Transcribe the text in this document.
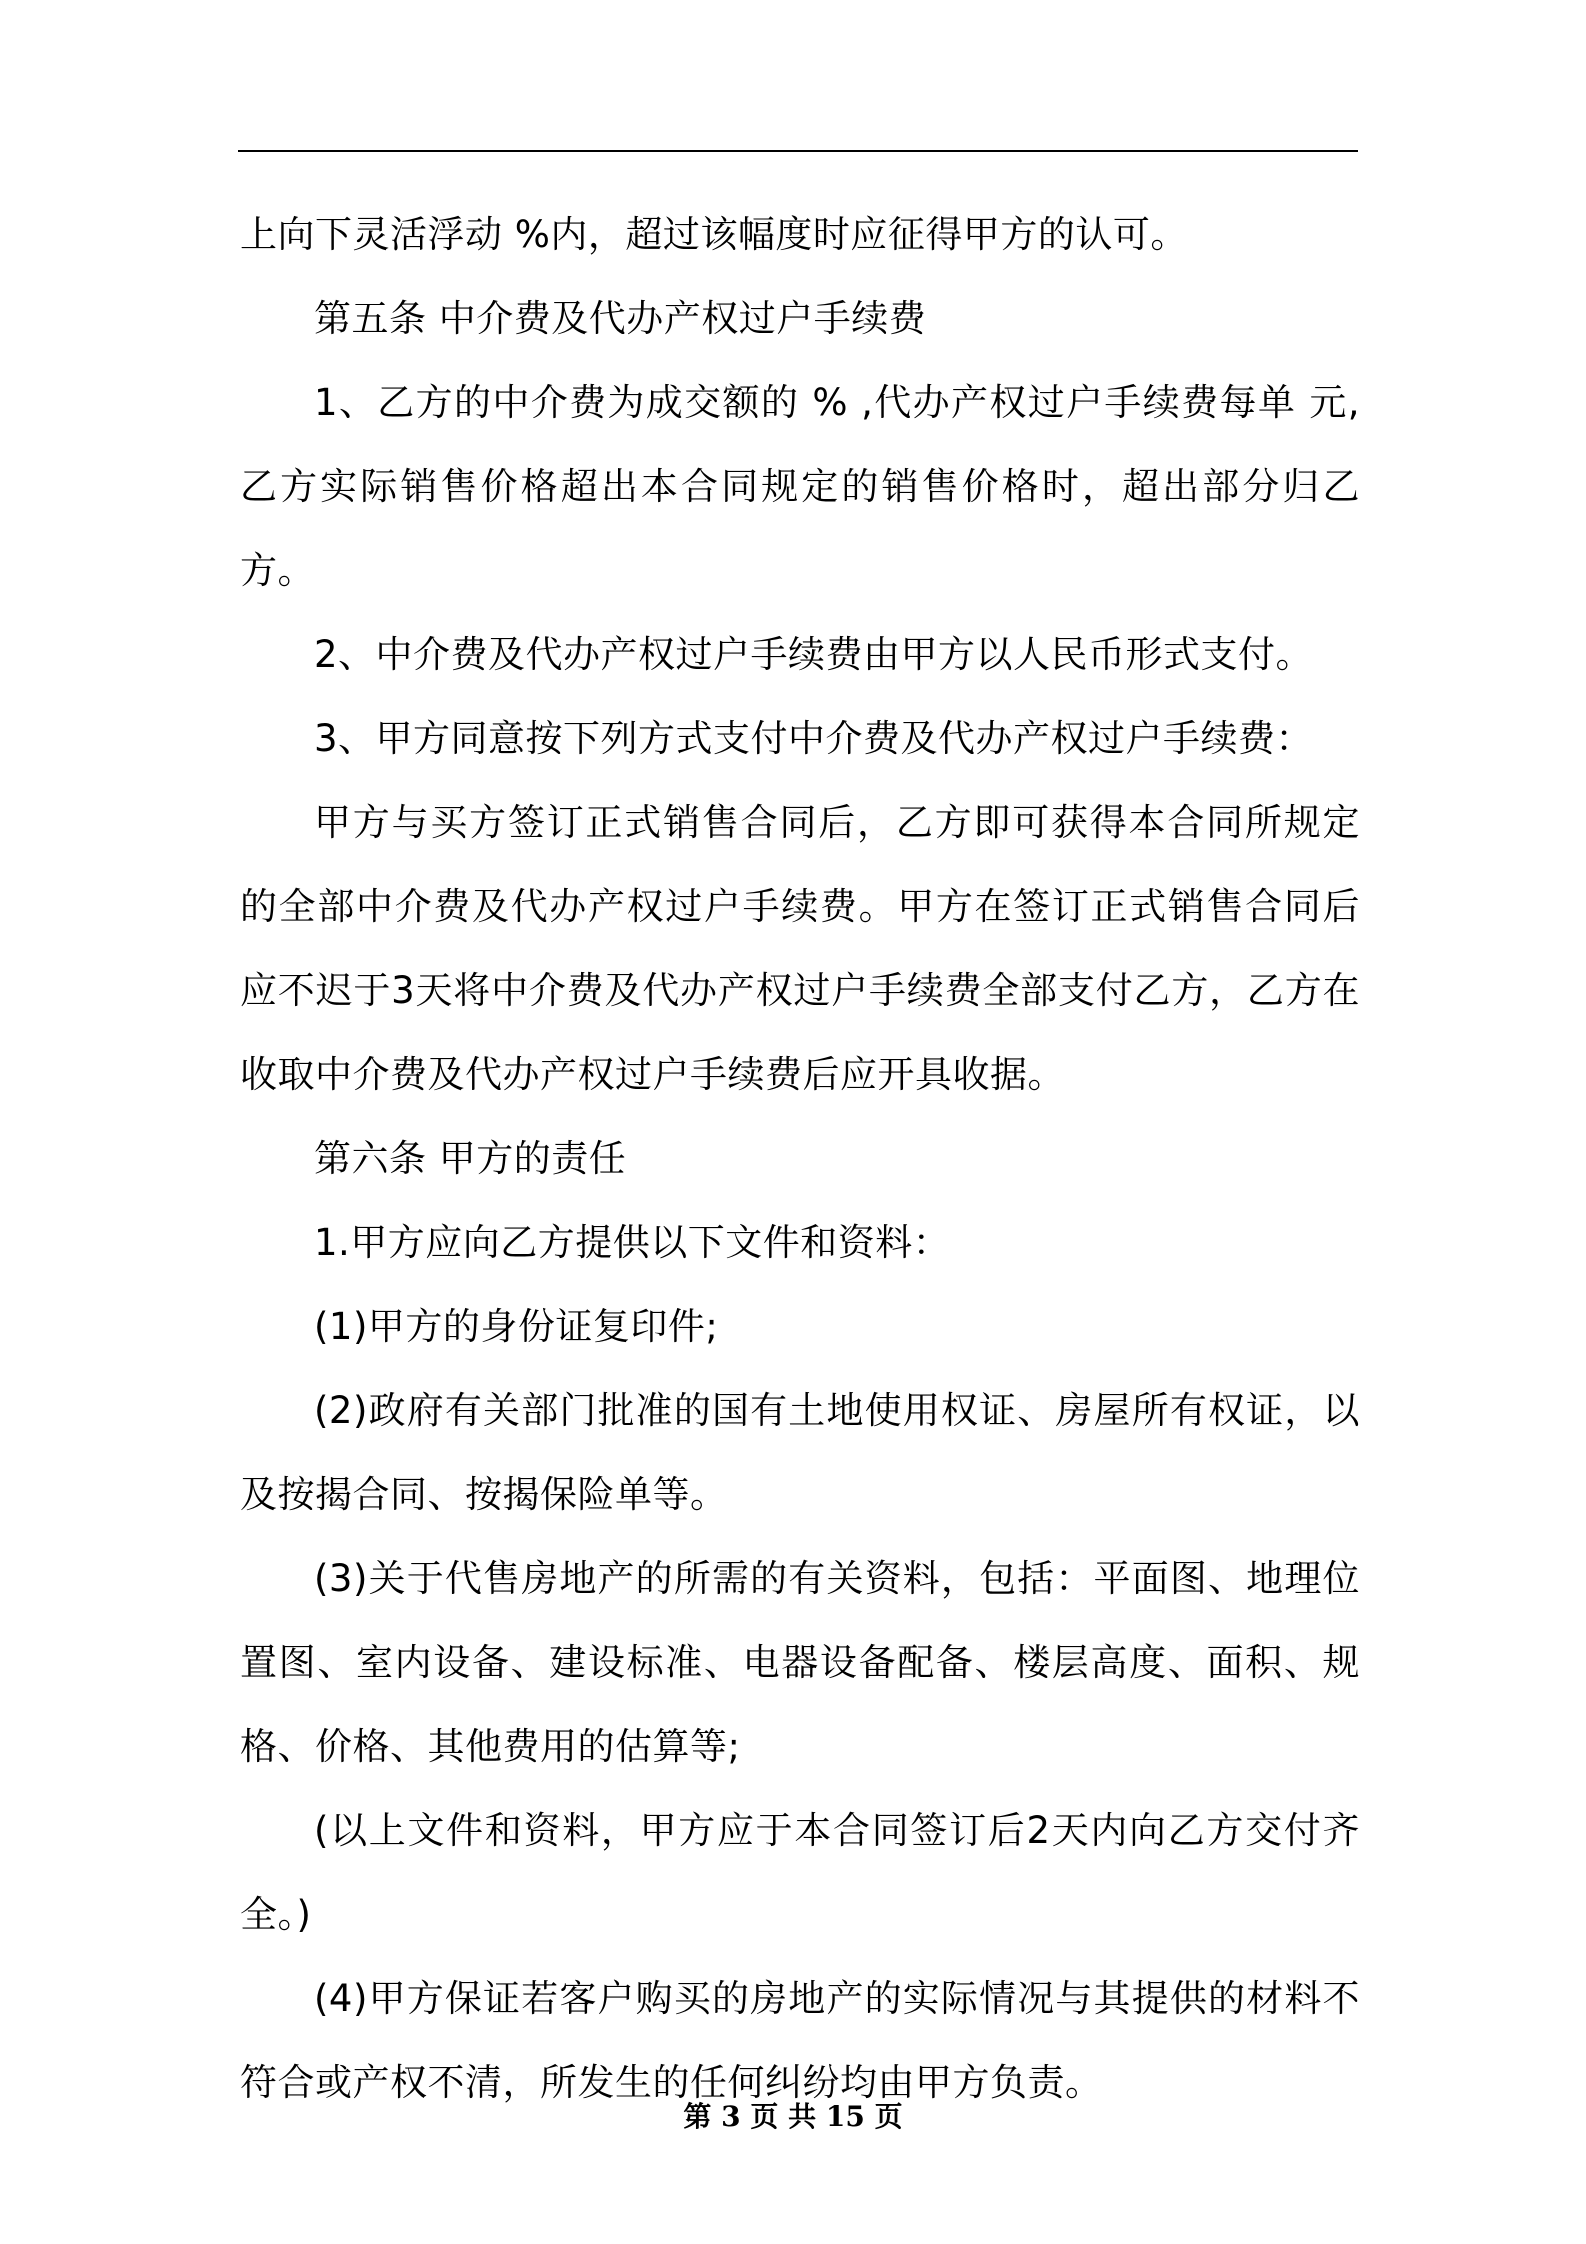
上向下灵活浮动 %内，超过该幅度时应征得甲方的认可。

第五条 中介费及代办产权过户手续费

1、乙方的中介费为成交额的 % ,代办产权过户手续费每单 元,乙方实际销售价格超出本合同规定的销售价格时，超出部分归乙方。

2、中介费及代办产权过户手续费由甲方以人民币形式支付。

3、甲方同意按下列方式支付中介费及代办产权过户手续费：

甲方与买方签订正式销售合同后，乙方即可获得本合同所规定的全部中介费及代办产权过户手续费。甲方在签订正式销售合同后应不迟于3天将中介费及代办产权过户手续费全部支付乙方，乙方在收取中介费及代办产权过户手续费后应开具收据。

第六条 甲方的责任

1.甲方应向乙方提供以下文件和资料：

(1)甲方的身份证复印件;

(2)政府有关部门批准的国有土地使用权证、房屋所有权证，以及按揭合同、按揭保险单等。

(3)关于代售房地产的所需的有关资料，包括：平面图、地理位置图、室内设备、建设标准、电器设备配备、楼层高度、面积、规格、价格、其他费用的估算等;

(以上文件和资料，甲方应于本合同签订后2天内向乙方交付齐全。)

(4)甲方保证若客户购买的房地产的实际情况与其提供的材料不符合或产权不清，所发生的任何纠纷均由甲方负责。

第 3 页 共 15 页
